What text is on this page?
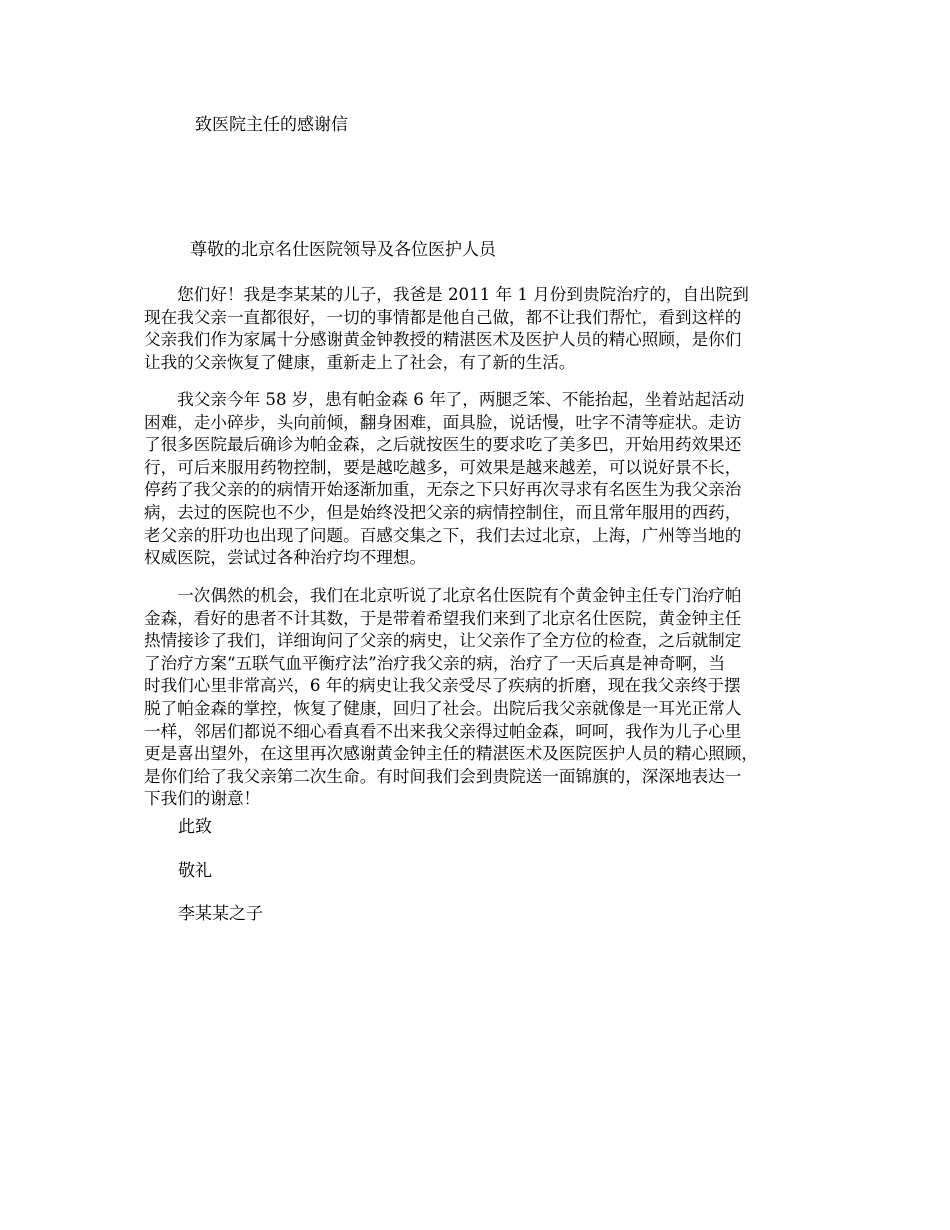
致医院主任的感谢信
尊敬的北京名仕医院领导及各位医护人员
　　您们好！我是李某某的儿子，我爸是 2011 年 1 月份到贵院治疗的，自出院到
现在我父亲一直都很好，一切的事情都是他自己做，都不让我们帮忙，看到这样的
父亲我们作为家属十分感谢黄金钟教授的精湛医术及医护人员的精心照顾，是你们
让我的父亲恢复了健康，重新走上了社会，有了新的生活。
　　我父亲今年 58 岁，患有帕金森 6 年了，两腿乏笨、不能抬起，坐着站起活动
困难，走小碎步，头向前倾，翻身困难，面具脸，说话慢，吐字不清等症状。走访
了很多医院最后确诊为帕金森，之后就按医生的要求吃了美多巴，开始用药效果还
行，可后来服用药物控制，要是越吃越多，可效果是越来越差，可以说好景不长，
停药了我父亲的的病情开始逐渐加重，无奈之下只好再次寻求有名医生为我父亲治
病，去过的医院也不少，但是始终没把父亲的病情控制住，而且常年服用的西药，
老父亲的肝功也出现了问题。百感交集之下，我们去过北京，上海，广州等当地的
权威医院，尝试过各种治疗均不理想。
　　一次偶然的机会，我们在北京听说了北京名仕医院有个黄金钟主任专门治疗帕
金森，看好的患者不计其数，于是带着希望我们来到了北京名仕医院，黄金钟主任
热情接诊了我们，详细询问了父亲的病史，让父亲作了全方位的检查，之后就制定
了治疗方案“五联气血平衡疗法”治疗我父亲的病，治疗了一天后真是神奇啊，当
时我们心里非常高兴，6 年的病史让我父亲受尽了疾病的折磨，现在我父亲终于摆
脱了帕金森的掌控，恢复了健康，回归了社会。出院后我父亲就像是一耳光正常人
一样，邻居们都说不细心看真看不出来我父亲得过帕金森，呵呵，我作为儿子心里
更是喜出望外，在这里再次感谢黄金钟主任的精湛医术及医院医护人员的精心照顾，
是你们给了我父亲第二次生命。有时间我们会到贵院送一面锦旗的，深深地表达一
下我们的谢意！
此致
敬礼
李某某之子
